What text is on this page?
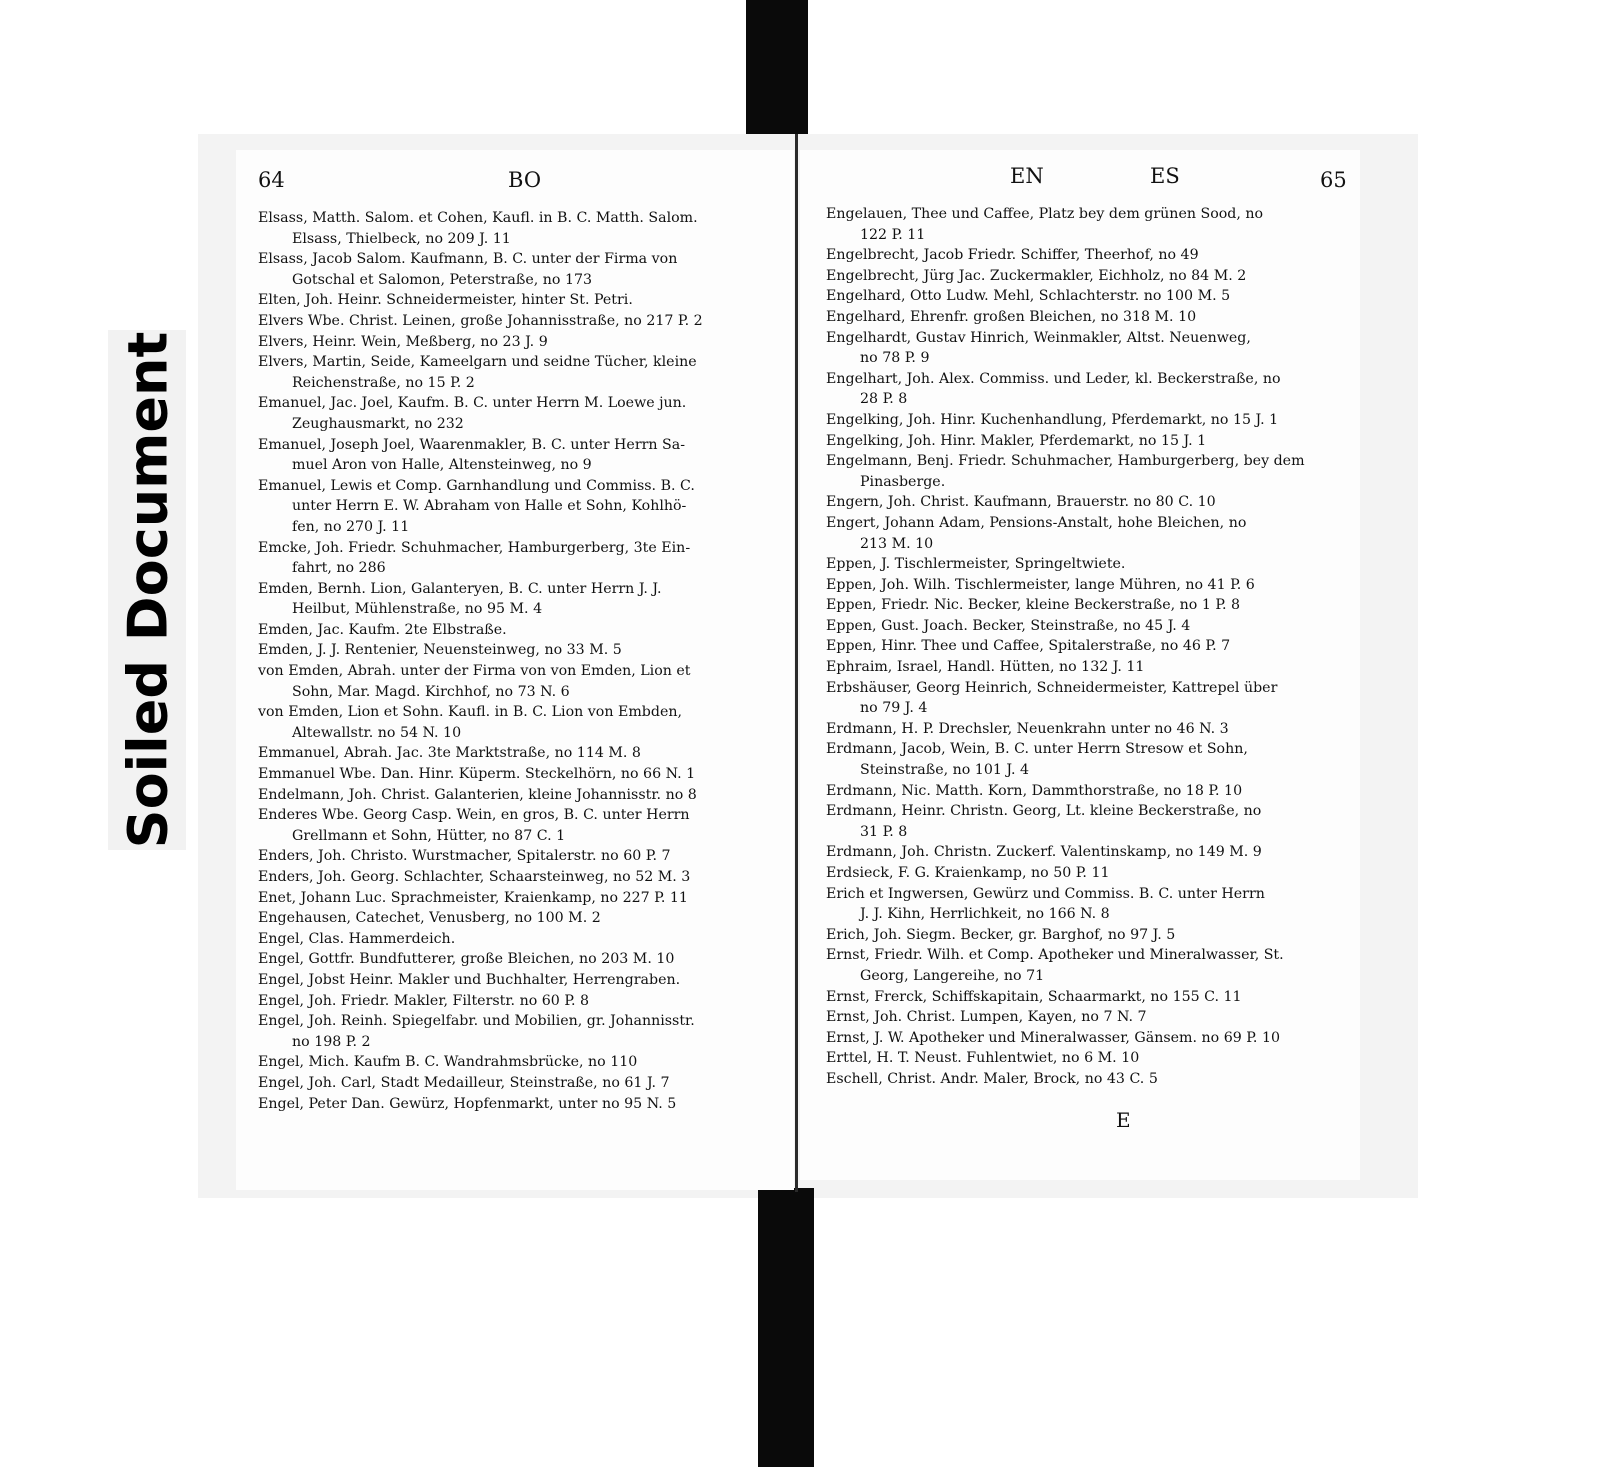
Soiled Document
64	BO
Elsass, Matth. Salom. et Cohen, Kaufl. in B. C. Matth. Salom.
Elsass, Thielbeck, no 209 J. 11
Elsass, Jacob Salom. Kaufmann, B. C. unter der Firma von
Gotschal et Salomon, Peterstraße, no 173
Elten, Joh. Heinr. Schneidermeister, hinter St. Petri.
Elvers Wbe. Christ. Leinen, große Johannisstraße, no 217 P. 2
Elvers, Heinr. Wein, Meßberg, no 23 J. 9
Elvers, Martin, Seide, Kameelgarn und seidne Tücher, kleine
Reichenstraße, no 15 P. 2
Emanuel, Jac. Joel, Kaufm. B. C. unter Herrn M. Loewe jun.
Zeughausmarkt, no 232
Emanuel, Joseph Joel, Waarenmakler, B. C. unter Herrn Sa-
muel Aron von Halle, Altensteinweg, no 9
Emanuel, Lewis et Comp. Garnhandlung und Commiss. B. C.
unter Herrn E. W. Abraham von Halle et Sohn, Kohlhö-
fen, no 270 J. 11
Emcke, Joh. Friedr. Schuhmacher, Hamburgerberg, 3te Ein-
fahrt, no 286
Emden, Bernh. Lion, Galanteryen, B. C. unter Herrn J. J.
Heilbut, Mühlenstraße, no 95 M. 4
Emden, Jac. Kaufm. 2te Elbstraße.
Emden, J. J. Rentenier, Neuensteinweg, no 33 M. 5
von Emden, Abrah. unter der Firma von von Emden, Lion et
Sohn, Mar. Magd. Kirchhof, no 73 N. 6
von Emden, Lion et Sohn. Kaufl. in B. C. Lion von Embden,
Altewallstr. no 54 N. 10
Emmanuel, Abrah. Jac. 3te Marktstraße, no 114 M. 8
Emmanuel Wbe. Dan. Hinr. Küperm. Steckelhörn, no 66 N. 1
Endelmann, Joh. Christ. Galanterien, kleine Johannisstr. no 8
Enderes Wbe. Georg Casp. Wein, en gros, B. C. unter Herrn
Grellmann et Sohn, Hütter, no 87 C. 1
Enders, Joh. Christo. Wurstmacher, Spitalerstr. no 60 P. 7
Enders, Joh. Georg. Schlachter, Schaarsteinweg, no 52 M. 3
Enet, Johann Luc. Sprachmeister, Kraienkamp, no 227 P. 11
Engehausen, Catechet, Venusberg, no 100 M. 2
Engel, Clas. Hammerdeich.
Engel, Gottfr. Bundfutterer, große Bleichen, no 203 M. 10
Engel, Jobst Heinr. Makler und Buchhalter, Herrengraben.
Engel, Joh. Friedr. Makler, Filterstr. no 60 P. 8
Engel, Joh. Reinh. Spiegelfabr. und Mobilien, gr. Johannisstr.
no 198 P. 2
Engel, Mich. Kaufm B. C. Wandrahmsbrücke, no 110
Engel, Joh. Carl, Stadt Medailleur, Steinstraße, no 61 J. 7
Engel, Peter Dan. Gewürz, Hopfenmarkt, unter no 95 N. 5
EN	ES	65
Engelauen, Thee und Caffee, Platz bey dem grünen Sood, no
122 P. 11
Engelbrecht, Jacob Friedr. Schiffer, Theerhof, no 49
Engelbrecht, Jürg Jac. Zuckermakler, Eichholz, no 84 M. 2
Engelhard, Otto Ludw. Mehl, Schlachterstr. no 100 M. 5
Engelhard, Ehrenfr. großen Bleichen, no 318 M. 10
Engelhardt, Gustav Hinrich, Weinmakler, Altst. Neuenweg,
no 78 P. 9
Engelhart, Joh. Alex. Commiss. und Leder, kl. Beckerstraße, no
28 P. 8
Engelking, Joh. Hinr. Kuchenhandlung, Pferdemarkt, no 15 J. 1
Engelking, Joh. Hinr. Makler, Pferdemarkt, no 15 J. 1
Engelmann, Benj. Friedr. Schuhmacher, Hamburgerberg, bey dem
Pinasberge.
Engern, Joh. Christ. Kaufmann, Brauerstr. no 80 C. 10
Engert, Johann Adam, Pensions-Anstalt, hohe Bleichen, no
213 M. 10
Eppen, J. Tischlermeister, Springeltwiete.
Eppen, Joh. Wilh. Tischlermeister, lange Mühren, no 41 P. 6
Eppen, Friedr. Nic. Becker, kleine Beckerstraße, no 1 P. 8
Eppen, Gust. Joach. Becker, Steinstraße, no 45 J. 4
Eppen, Hinr. Thee und Caffee, Spitalerstraße, no 46 P. 7
Ephraim, Israel, Handl. Hütten, no 132 J. 11
Erbshäuser, Georg Heinrich, Schneidermeister, Kattrepel über
no 79 J. 4
Erdmann, H. P. Drechsler, Neuenkrahn unter no 46 N. 3
Erdmann, Jacob, Wein, B. C. unter Herrn Stresow et Sohn,
Steinstraße, no 101 J. 4
Erdmann, Nic. Matth. Korn, Dammthorstraße, no 18 P. 10
Erdmann, Heinr. Christn. Georg, Lt. kleine Beckerstraße, no
31 P. 8
Erdmann, Joh. Christn. Zuckerf. Valentinskamp, no 149 M. 9
Erdsieck, F. G. Kraienkamp, no 50 P. 11
Erich et Ingwersen, Gewürz und Commiss. B. C. unter Herrn
J. J. Kihn, Herrlichkeit, no 166 N. 8
Erich, Joh. Siegm. Becker, gr. Barghof, no 97 J. 5
Ernst, Friedr. Wilh. et Comp. Apotheker und Mineralwasser, St.
Georg, Langereihe, no 71
Ernst, Frerck, Schiffskapitain, Schaarmarkt, no 155 C. 11
Ernst, Joh. Christ. Lumpen, Kayen, no 7 N. 7
Ernst, J. W. Apotheker und Mineralwasser, Gänsem. no 69 P. 10
Erttel, H. T. Neust. Fuhlentwiet, no 6 M. 10
Eschell, Christ. Andr. Maler, Brock, no 43 C. 5
E
